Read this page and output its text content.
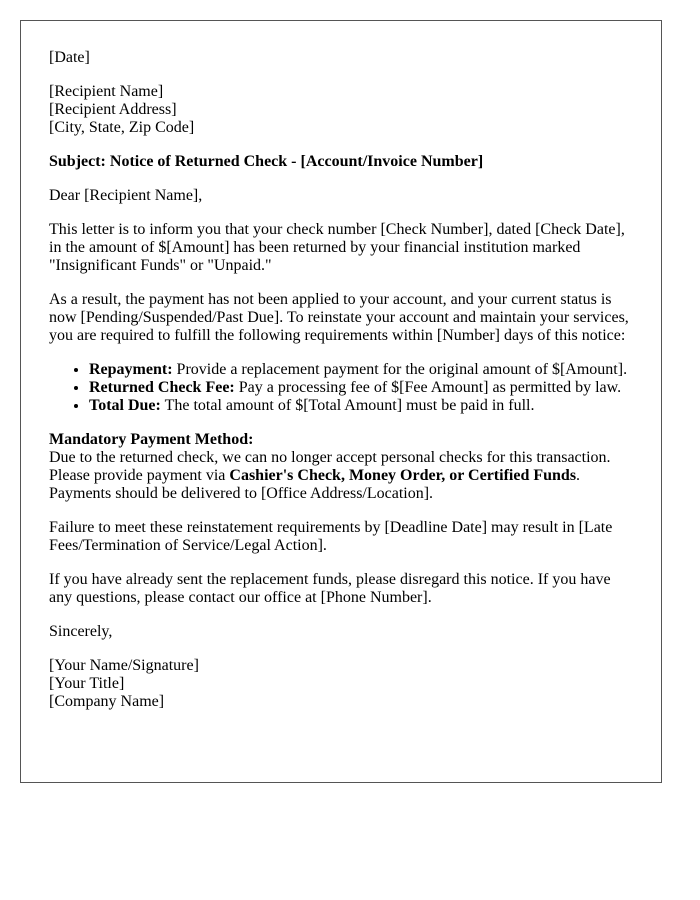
[Date]

[Recipient Name]
[Recipient Address]
[City, State, Zip Code]

Subject: Notice of Returned Check - [Account/Invoice Number]

Dear [Recipient Name],

This letter is to inform you that your check number [Check Number], dated [Check Date], in the amount of $[Amount] has been returned by your financial institution marked "Insignificant Funds" or "Unpaid."

As a result, the payment has not been applied to your account, and your current status is now [Pending/Suspended/Past Due]. To reinstate your account and maintain your services, you are required to fulfill the following requirements within [Number] days of this notice:

• Repayment: Provide a replacement payment for the original amount of $[Amount].
• Returned Check Fee: Pay a processing fee of $[Fee Amount] as permitted by law.
• Total Due: The total amount of $[Total Amount] must be paid in full.

Mandatory Payment Method:
Due to the returned check, we can no longer accept personal checks for this transaction.
Please provide payment via Cashier's Check, Money Order, or Certified Funds.
Payments should be delivered to [Office Address/Location].

Failure to meet these reinstatement requirements by [Deadline Date] may result in [Late Fees/Termination of Service/Legal Action].

If you have already sent the replacement funds, please disregard this notice. If you have any questions, please contact our office at [Phone Number].

Sincerely,

[Your Name/Signature]
[Your Title]
[Company Name]
